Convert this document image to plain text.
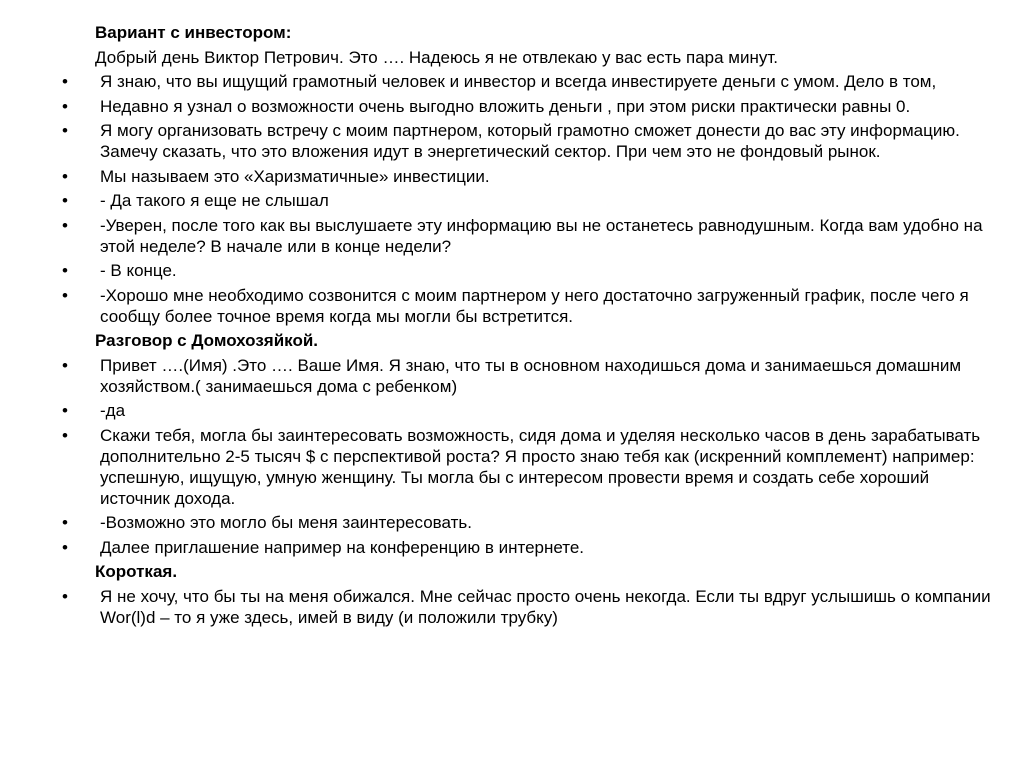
Вариант с инвестором:

Добрый день Виктор Петрович. Это …. Надеюсь я не отвлекаю у вас есть пара минут.

•	Я знаю, что вы ищущий грамотный человек и инвестор и всегда инвестируете деньги с умом. Дело в том,

•	Недавно я узнал о возможности очень выгодно вложить деньги , при этом риски практически равны 0.

•	Я могу организовать встречу с моим партнером, который грамотно сможет донести до вас эту информацию. Замечу сказать, что это вложения идут в энергетический сектор. При чем это не фондовый рынок.

•	Мы называем это «Харизматичные» инвестиции.

•	- Да такого я еще не слышал

•	-Уверен, после того как вы выслушаете эту информацию вы не останетесь равнодушным. Когда вам удобно на этой неделе? В начале или в конце недели?

•	- В конце.

•	-Хорошо мне необходимо созвонится с моим партнером у него достаточно загруженный график, после чего я сообщу более точное время когда мы могли бы встретится.

Разговор с Домохозяйкой.

•	Привет ….(Имя) .Это …. Ваше Имя. Я знаю, что ты в основном находишься дома и занимаешься домашним хозяйством.( занимаешься дома с ребенком)

•	-да

•	Скажи тебя, могла бы заинтересовать возможность, сидя дома и уделяя несколько часов в день зарабатывать дополнительно 2-5 тысяч $ с перспективой роста? Я просто знаю тебя как (искренний комплемент) например: успешную, ищущую, умную женщину. Ты могла бы с интересом провести время и создать себе хороший источник дохода.

•	-Возможно это могло бы меня заинтересовать.

•	Далее приглашение например на конференцию в интернете.

Короткая.

•	Я не хочу, что бы ты на меня обижался. Мне сейчас просто очень некогда. Если ты вдруг услышишь о компании Wor(l)d – то я уже здесь, имей в виду (и положили трубку)
